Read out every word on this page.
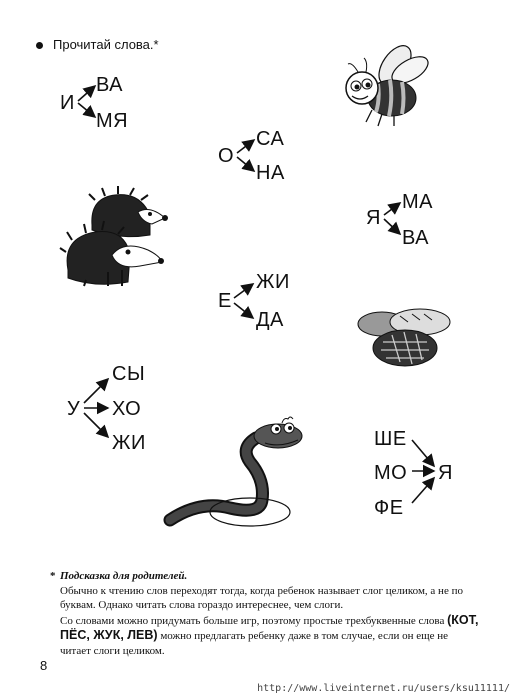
Прочитай слова.*
И
ВА
МЯ
О
СА
НА
Я
МА
ВА
Е
ЖИ
ДА
У
СЫ
ХО
ЖИ	ШЕ
МО
ФЕ
Я
* Подсказка для родителей.
Обычно к чтению слов переходят тогда, когда ребенок называет слог целиком, а не по буквам. Однако читать слова гораздо интереснее, чем слоги.
Со словами можно придумать больше игр, поэтому простые трехбуквенные слова (КОТ, ПЁС, ЖУК, ЛЕВ) можно предлагать ребенку даже в том случае, если он еще не читает слоги целиком.
8
http://www.liveinternet.ru/users/ksu11111/
